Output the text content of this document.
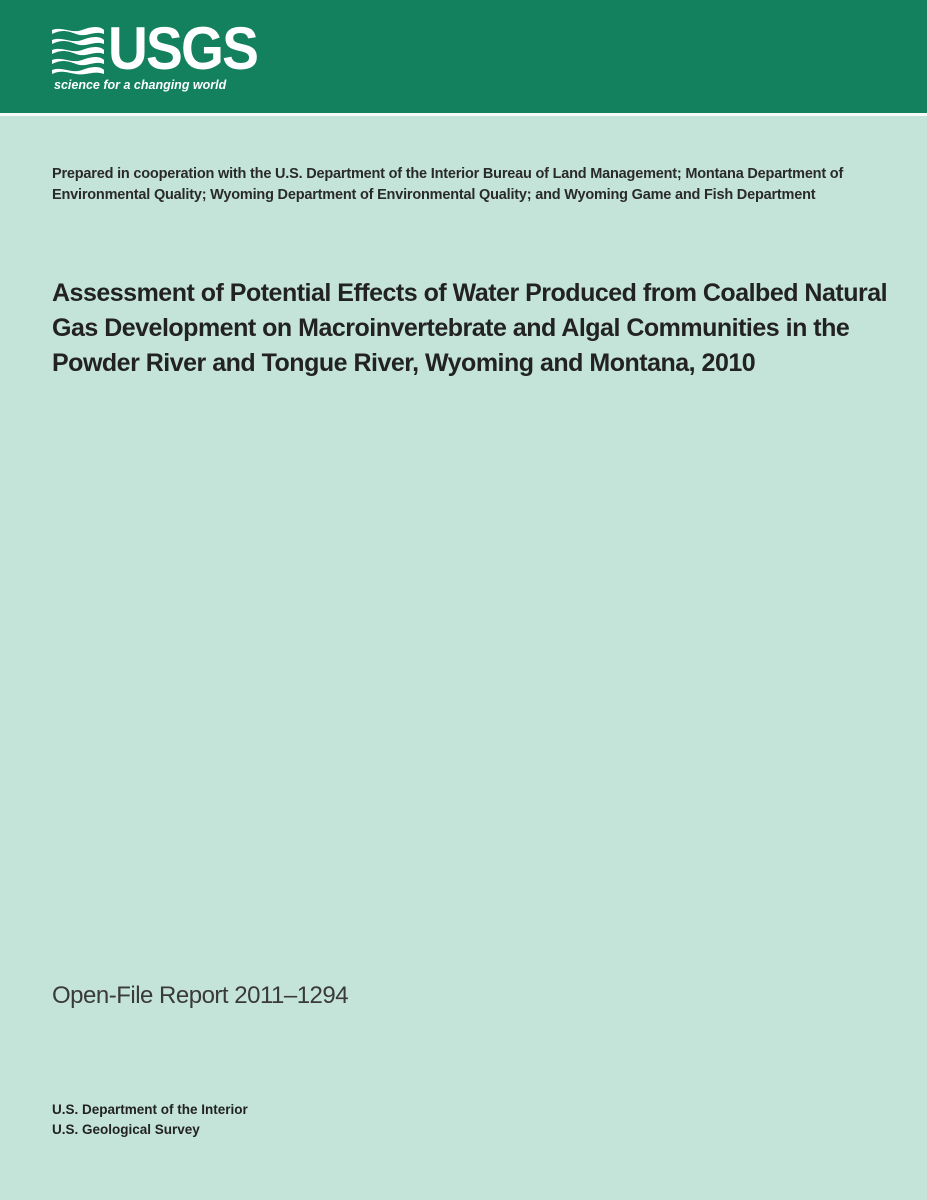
USGS
science for a changing world
Prepared in cooperation with the U.S. Department of the Interior Bureau of Land Management; Montana Department of Environmental Quality; Wyoming Department of Environmental Quality; and Wyoming Game and Fish Department
Assessment of Potential Effects of Water Produced from Coalbed Natural Gas Development on Macroinvertebrate and Algal Communities in the Powder River and Tongue River, Wyoming and Montana, 2010
Open-File Report 2011–1294
U.S. Department of the Interior
U.S. Geological Survey
